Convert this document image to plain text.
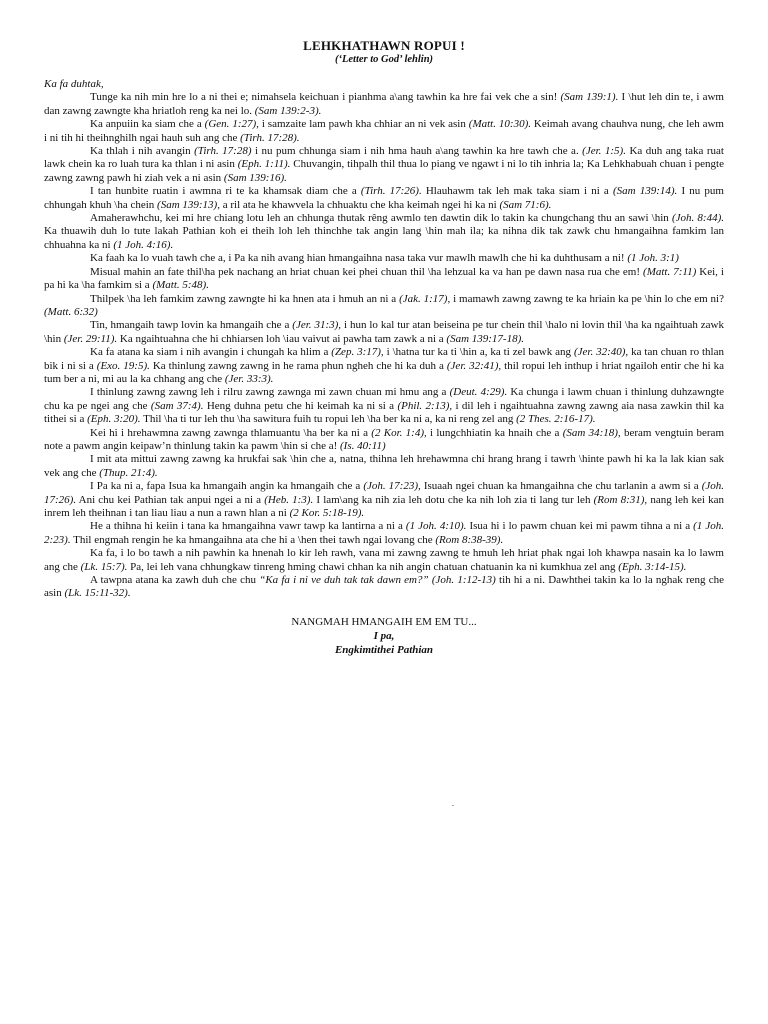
LEHKHATHAWN ROPUI !

(‘Letter to God’ lehlin)

Ka fa duhtak,

Tunge ka nih min hre lo a ni thei e; nimahsela keichuan i pianhma a\ang tawhin ka hre fai vek che a sin! (Sam 139:1). I \hut leh din te, i awm dan zawng zawngte kha hriatloh reng ka nei lo. (Sam 139:2-3).

Ka anpuiin ka siam che a (Gen. 1:27), i samzaite lam pawh kha chhiar an ni vek asin (Matt. 10:30). Keimah avang chauhva nung, che leh awm i ni tih hi theihnghilh ngai hauh suh ang che (Tirh. 17:28).

Ka thlah i nih avangin (Tirh. 17:28) i nu pum chhunga siam i nih hma hauh a\ang tawhin ka hre tawh che a. (Jer. 1:5). Ka duh ang taka ruat lawk chein ka ro luah tura ka thlan i ni asin (Eph. 1:11). Chuvangin, tihpalh thil thua lo piang ve ngawt i ni lo tih inhria la; Ka Lehkhabuah chuan i pengte zawng zawng pawh hi ziah vek a ni asin (Sam 139:16).

I tan hunbite ruatin i awmna ri te ka khamsak diam che a (Tirh. 17:26). Hlauhawm tak leh mak taka siam i ni a (Sam 139:14). I nu pum chhungah khuh \ha chein (Sam 139:13), a ril ata he khawvela la chhuaktu che kha keimah ngei hi ka ni (Sam 71:6).

Amaherawhchu, kei mi hre chiang lotu leh an chhunga thutak rêng awmlo ten dawtin dik lo takin ka chungchang thu an sawi \hin (Joh. 8:44). Ka thuawih duh lo tute lakah Pathian koh ei theih loh leh thinchhe tak angin lang \hin mah ila; ka nihna dik tak zawk chu hmangaihna famkim lan chhuahna ka ni (1 Joh. 4:16).

Ka faah ka lo vuah tawh che a, i Pa ka nih avang hian hmangaihna nasa taka vur mawlh mawlh che hi ka duhthusam a ni! (1 Joh. 3:1)

Misual mahin an fate thil\ha pek nachang an hriat chuan kei phei chuan thil \ha lehzual ka va han pe dawn nasa rua che em! (Matt. 7:11) Kei, i pa hi ka \ha famkim si a (Matt. 5:48).

Thilpek \ha leh famkim zawng zawngte hi ka hnen ata i hmuh an ni a (Jak. 1:17), i mamawh zawng zawng te ka hriain ka pe \hin lo che em ni? (Matt. 6:32)

Tin, hmangaih tawp lovin ka hmangaih che a (Jer. 31:3), i hun lo kal tur atan beiseina pe tur chein thil \halo ni lovin thil \ha ka ngaihtuah zawk \hin (Jer. 29:11). Ka ngaihtuahna che hi chhiarsen loh \iau vaivut ai pawha tam zawk a ni a (Sam 139:17-18).

Ka fa atana ka siam i nih avangin i chungah ka hlim a (Zep. 3:17), i \hatna tur ka ti \hin a, ka ti zel bawk ang (Jer. 32:40), ka tan chuan ro thlan bik i ni si a (Exo. 19:5). Ka thinlung zawng zawng in he rama phun ngheh che hi ka duh a (Jer. 32:41), thil ropui leh inthup i hriat ngailoh entir che hi ka tum ber a ni, mi au la ka chhang ang che (Jer. 33:3).

I thinlung zawng zawng leh i rilru zawng zawnga mi zawn chuan mi hmu ang a (Deut. 4:29). Ka chunga i lawm chuan i thinlung duhzawngte chu ka pe ngei ang che (Sam 37:4). Heng duhna petu che hi keimah ka ni si a (Phil. 2:13), i dil leh i ngaihtuahna zawng zawng aia nasa zawkin thil ka tithei si a (Eph. 3:20). Thil \ha ti tur leh thu \ha sawitura fuih tu ropui leh \ha ber ka ni a, ka ni reng zel ang (2 Thes. 2:16-17).

Kei hi i hrehawmna zawng zawnga thlamuantu \ha ber ka ni a (2 Kor. 1:4), i lungchhiatin ka hnaih che a (Sam 34:18), beram vengtuin beram note a pawm angin keipaw’n thinlung takin ka pawm \hin si che a! (Is. 40:11)

I mit ata mittui zawng zawng ka hrukfai sak \hin che a, natna, thihna leh hrehawmna chi hrang hrang i tawrh \hinte pawh hi ka la lak kian sak vek ang che (Thup. 21:4).

I Pa ka ni a, fapa Isua ka hmangaih angin ka hmangaih che a (Joh. 17:23), Isuaah ngei chuan ka hmangaihna che chu tarlanin a awm si a (Joh. 17:26). Ani chu kei Pathian tak anpui ngei a ni a (Heb. 1:3). I lam\ang ka nih zia leh dotu che ka nih loh zia ti lang tur leh (Rom 8:31), nang leh kei kan inrem leh theihnan i tan liau liau a nun a rawn hlan a ni (2 Kor. 5:18-19).

He a thihna hi keiin i tana ka hmangaihna vawr tawp ka lantirna a ni a (1 Joh. 4:10). Isua hi i lo pawm chuan kei mi pawm tihna a ni a (1 Joh. 2:23). Thil engmah rengin he ka hmangaihna ata che hi a \hen thei tawh ngai lovang che (Rom 8:38-39).

Ka fa, i lo bo tawh a nih pawhin ka hnenah lo kir leh rawh, vana mi zawng zawng te hmuh leh hriat phak ngai loh khawpa nasain ka lo lawm ang che (Lk. 15:7). Pa, lei leh vana chhungkaw tinreng hming chawi chhan ka nih angin chatuan chatuanin ka ni kumkhua zel ang (Eph. 3:14-15).

A tawpna atana ka zawh duh che chu “Ka fa i ni ve duh tak tak dawn em?” (Joh. 1:12-13) tih hi a ni. Dawhthei takin ka lo la nghak reng che asin (Lk. 15:11-32).

NANGMAH HMANGAIH EM EM TU...
I pa,
Engkimtithei Pathian
.
